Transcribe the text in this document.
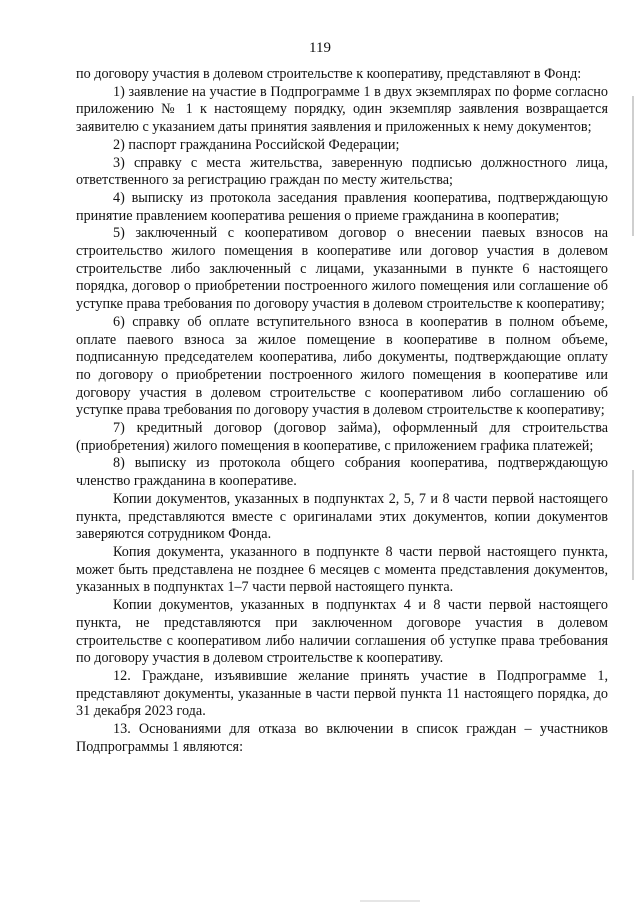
119

по договору участия в долевом строительстве к кооперативу, представляют в Фонд:

1) заявление на участие в Подпрограмме 1 в двух экземплярах по форме согласно приложению № 1 к настоящему порядку, один экземпляр заявления возвращается заявителю с указанием даты принятия заявления и приложенных к нему документов;

2) паспорт гражданина Российской Федерации;

3) справку с места жительства, заверенную подписью должностного лица, ответственного за регистрацию граждан по месту жительства;

4) выписку из протокола заседания правления кооператива, подтверждающую принятие правлением кооператива решения о приеме гражданина в кооператив;

5) заключенный с кооперативом договор о внесении паевых взносов на строительство жилого помещения в кооперативе или договор участия в долевом строительстве либо заключенный с лицами, указанными в пункте 6 настоящего порядка, договор о приобретении построенного жилого помещения или соглашение об уступке права требования по договору участия в долевом строительстве к кооперативу;

6) справку об оплате вступительного взноса в кооператив в полном объеме, оплате паевого взноса за жилое помещение в кооперативе в полном объеме, подписанную председателем кооператива, либо документы, подтверждающие оплату по договору о приобретении построенного жилого помещения в кооперативе или договору участия в долевом строительстве с кооперативом либо соглашению об уступке права требования по договору участия в долевом строительстве к кооперативу;

7) кредитный договор (договор займа), оформленный для строительства (приобретения) жилого помещения в кооперативе, с приложением графика платежей;

8) выписку из протокола общего собрания кооператива, подтверждающую членство гражданина в кооперативе.

Копии документов, указанных в подпунктах 2, 5, 7 и 8 части первой настоящего пункта, представляются вместе с оригиналами этих документов, копии документов заверяются сотрудником Фонда.

Копия документа, указанного в подпункте 8 части первой настоящего пункта, может быть представлена не позднее 6 месяцев с момента представления документов, указанных в подпунктах 1–7 части первой настоящего пункта.

Копии документов, указанных в подпунктах 4 и 8 части первой настоящего пункта, не представляются при заключенном договоре участия в долевом строительстве с кооперативом либо наличии соглашения об уступке права требования по договору участия в долевом строительстве к кооперативу.

12. Граждане, изъявившие желание принять участие в Подпрограмме 1, представляют документы, указанные в части первой пункта 11 настоящего порядка, до 31 декабря 2023 года.

13. Основаниями для отказа во включении в список граждан – участников Подпрограммы 1 являются:
